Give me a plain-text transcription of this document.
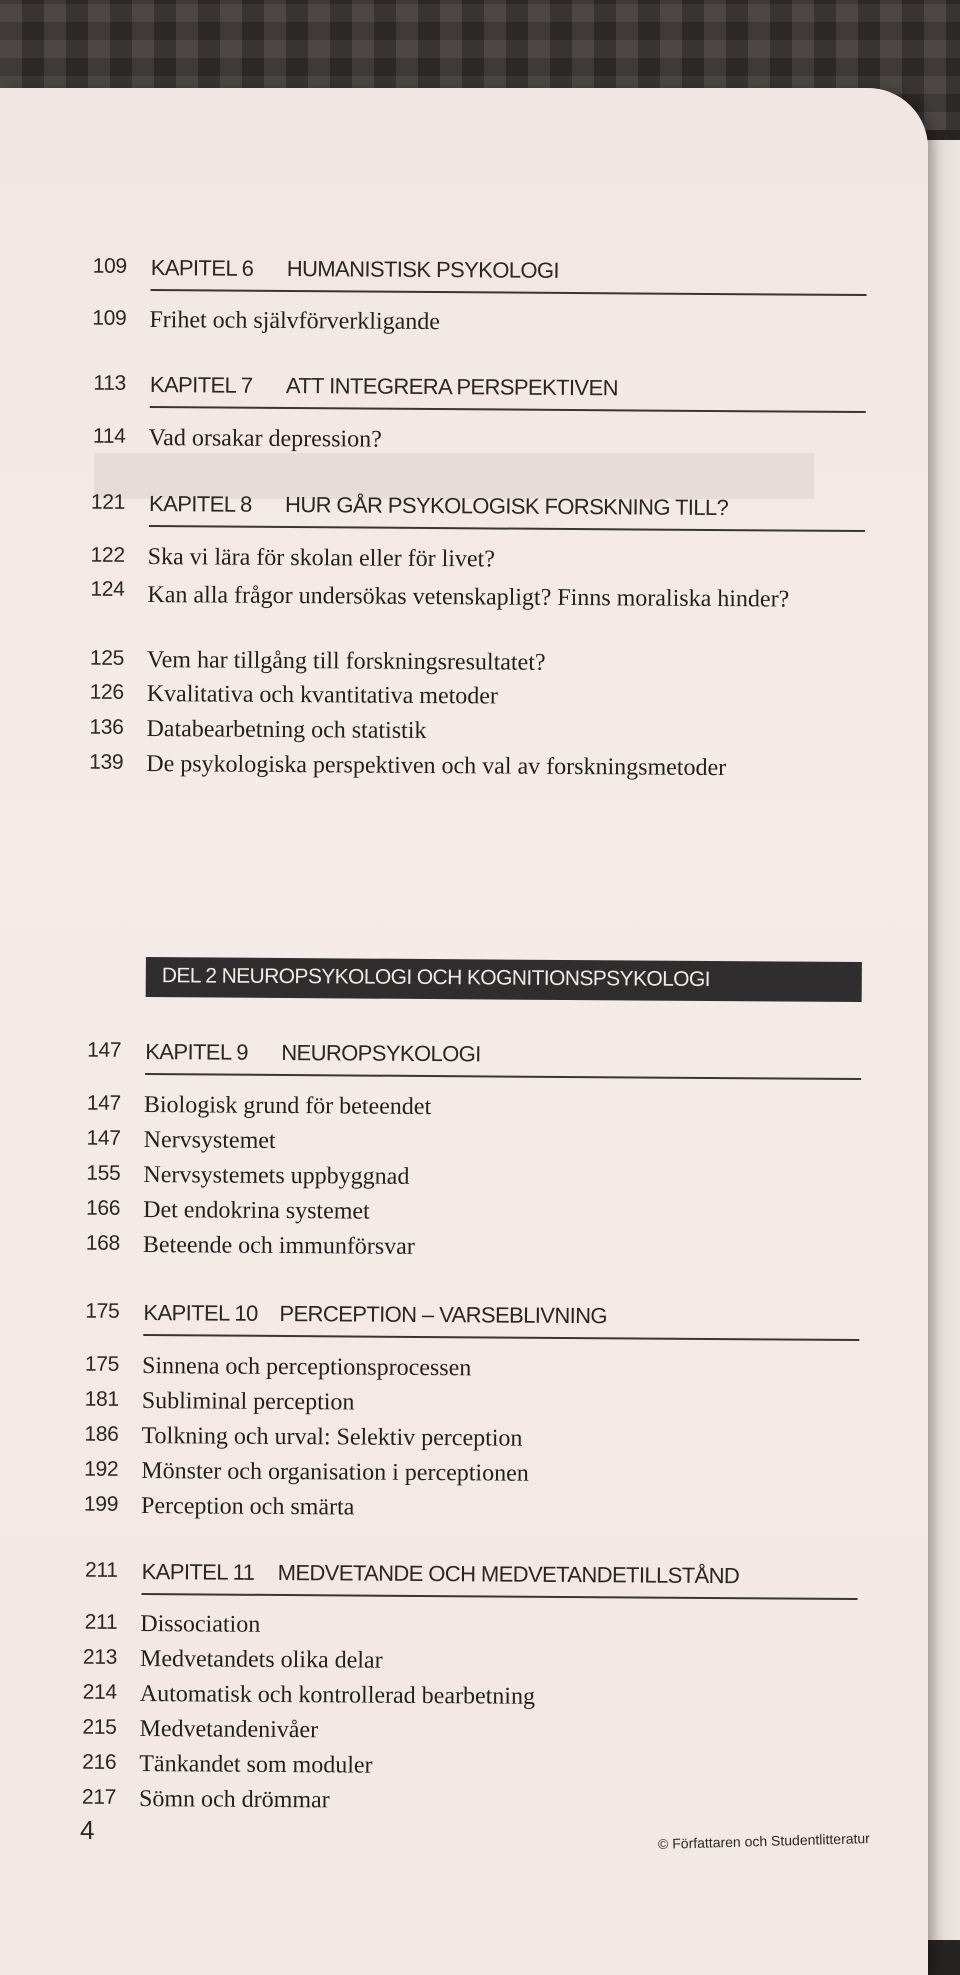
109 KAPITEL 6 HUMANISTISK PSYKOLOGI
109 Frihet och självförverkligande
113 KAPITEL 7 ATT INTEGRERA PERSPEKTIVEN
114 Vad orsakar depression?
121 KAPITEL 8 HUR GÅR PSYKOLOGISK FORSKNING TILL?
122 Ska vi lära för skolan eller för livet?
124 Kan alla frågor undersökas vetenskapligt? Finns moraliska hinder?
125 Vem har tillgång till forskningsresultatet?
126 Kvalitativa och kvantitativa metoder
136 Databearbetning och statistik
139 De psykologiska perspektiven och val av forskningsmetoder
DEL 2 NEUROPSYKOLOGI OCH KOGNITIONSPSYKOLOGI
147 KAPITEL 9 NEUROPSYKOLOGI
147 Biologisk grund för beteendet
147 Nervsystemet
155 Nervsystemets uppbyggnad
166 Det endokrina systemet
168 Beteende och immunförsvar
175 KAPITEL 10 PERCEPTION – VARSEBLIVNING
175 Sinnena och perceptionsprocessen
181 Subliminal perception
186 Tolkning och urval: Selektiv perception
192 Mönster och organisation i perceptionen
199 Perception och smärta
211 KAPITEL 11 MEDVETANDE OCH MEDVETANDETILLSTÅND
211 Dissociation
213 Medvetandets olika delar
214 Automatisk och kontrollerad bearbetning
215 Medvetandenivåer
216 Tänkandet som moduler
217 Sömn och drömmar
4	© Författaren och Studentlitteratur
